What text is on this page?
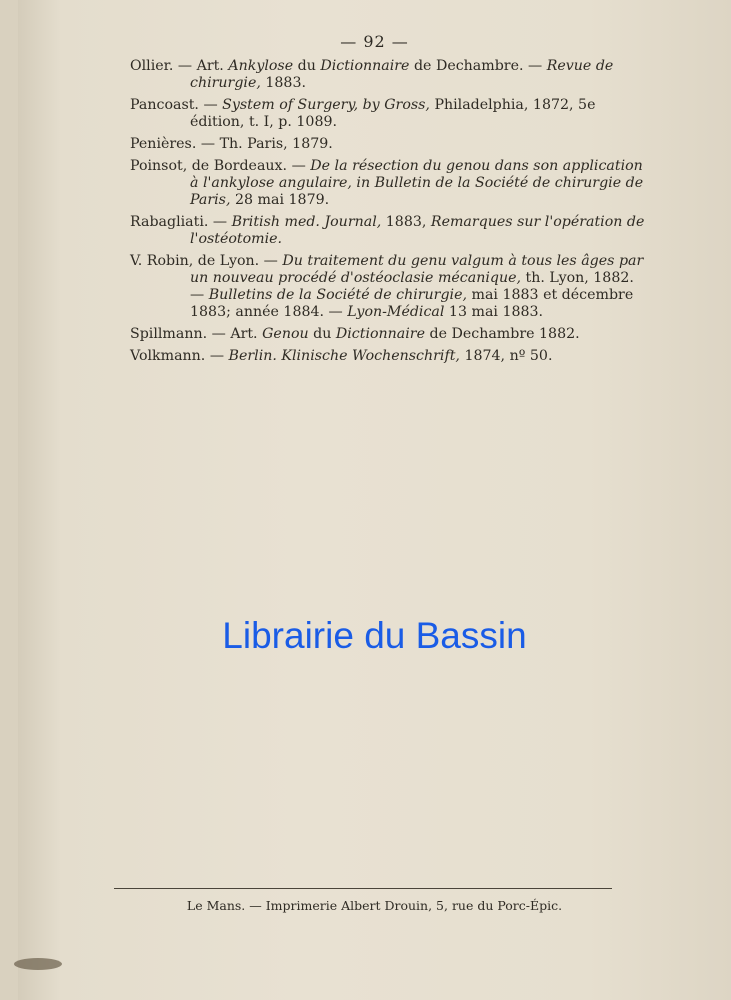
— 92 —
Ollier. — Art. Ankylose du Dictionnaire de Dechambre. — Revue de chirurgie, 1883.
Pancoast. — System of Surgery, by Gross, Philadelphia, 1872, 5e édition, t. I, p. 1089.
Penières. — Th. Paris, 1879.
Poinsot, de Bordeaux. — De la résection du genou dans son application à l'ankylose angulaire, in Bulletin de la Société de chirurgie de Paris, 28 mai 1879.
Rabagliati. — British med. Journal, 1883, Remarques sur l'opération de l'ostéotomie.
V. Robin, de Lyon. — Du traitement du genu valgum à tous les âges par un nouveau procédé d'ostéoclasie mécanique, th. Lyon, 1882. — Bulletins de la Société de chirurgie, mai 1883 et décembre 1883; année 1884. — Lyon-Médical 13 mai 1883.
Spillmann. — Art. Genou du Dictionnaire de Dechambre 1882.
Volkmann. — Berlin. Klinische Wochenschrift, 1874, nº 50.
Librairie du Bassin
Le Mans. — Imprimerie Albert Drouin, 5, rue du Porc-Épic.
